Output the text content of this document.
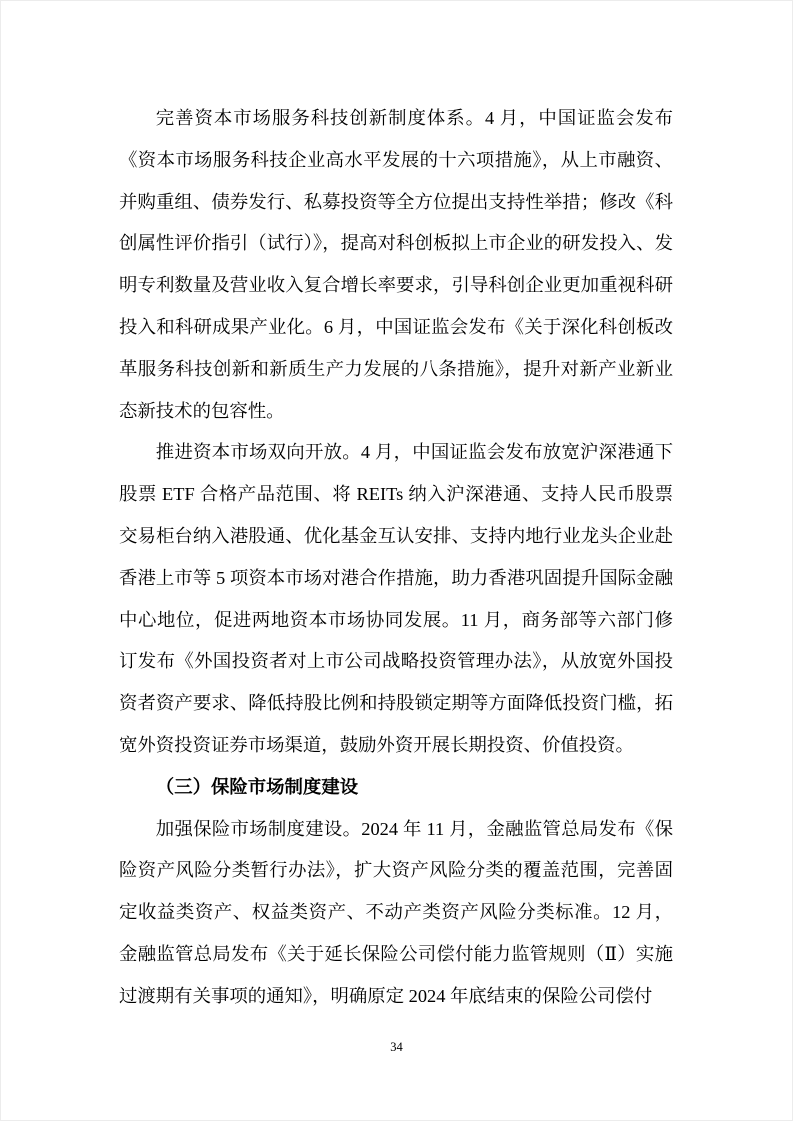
完善资本市场服务科技创新制度体系。4 月，中国证监会发布《资本市场服务科技企业高水平发展的十六项措施》，从上市融资、并购重组、债券发行、私募投资等全方位提出支持性举措；修改《科创属性评价指引（试行）》，提高对科创板拟上市企业的研发投入、发明专利数量及营业收入复合增长率要求，引导科创企业更加重视科研投入和科研成果产业化。6 月，中国证监会发布《关于深化科创板改革服务科技创新和新质生产力发展的八条措施》，提升对新产业新业态新技术的包容性。

推进资本市场双向开放。4 月，中国证监会发布放宽沪深港通下股票 ETF 合格产品范围、将 REITs 纳入沪深港通、支持人民币股票交易柜台纳入港股通、优化基金互认安排、支持内地行业龙头企业赴香港上市等 5 项资本市场对港合作措施，助力香港巩固提升国际金融中心地位，促进两地资本市场协同发展。11 月，商务部等六部门修订发布《外国投资者对上市公司战略投资管理办法》，从放宽外国投资者资产要求、降低持股比例和持股锁定期等方面降低投资门槛，拓宽外资投资证券市场渠道，鼓励外资开展长期投资、价值投资。

（三）保险市场制度建设

加强保险市场制度建设。2024 年 11 月，金融监管总局发布《保险资产风险分类暂行办法》，扩大资产风险分类的覆盖范围，完善固定收益类资产、权益类资产、不动产类资产风险分类标准。12 月，金融监管总局发布《关于延长保险公司偿付能力监管规则（Ⅱ）实施过渡期有关事项的通知》，明确原定 2024 年底结束的保险公司偿付

34
